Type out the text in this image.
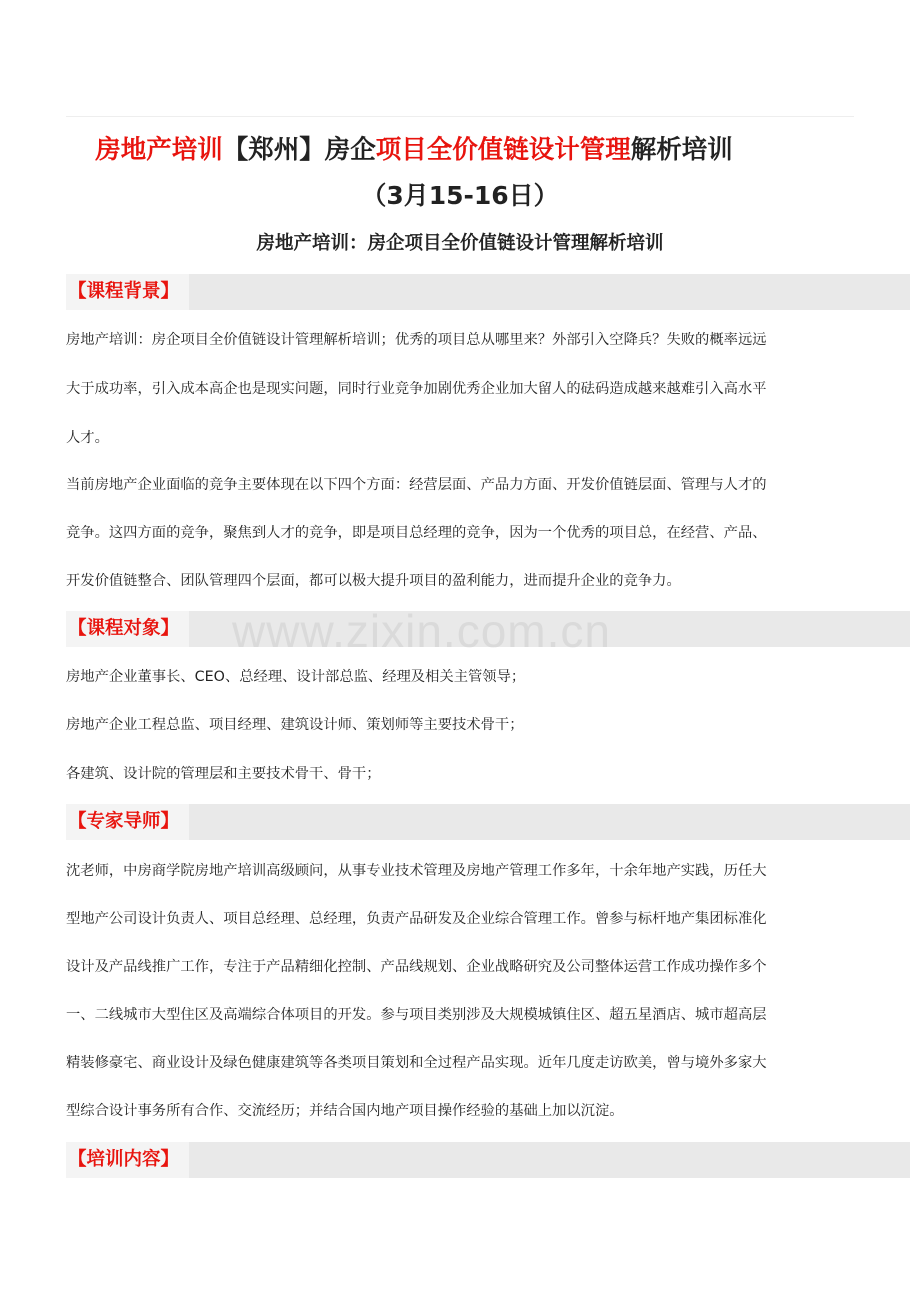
房地产培训【郑州】房企项目全价值链设计管理解析培训
（3月15-16日）
房地产培训：房企项目全价值链设计管理解析培训
【课程背景】

房地产培训：房企项目全价值链设计管理解析培训；优秀的项目总从哪里来？外部引入空降兵？失败的概率远远

大于成功率，引入成本高企也是现实问题，同时行业竞争加剧优秀企业加大留人的砝码造成越来越难引入高水平

人才。

当前房地产企业面临的竞争主要体现在以下四个方面：经营层面、产品力方面、开发价值链层面、管理与人才的

竞争。这四方面的竞争，聚焦到人才的竞争，即是项目总经理的竞争，因为一个优秀的项目总，在经营、产品、

开发价值链整合、团队管理四个层面，都可以极大提升项目的盈利能力，进而提升企业的竞争力。

【课程对象】

房地产企业董事长、CEO、总经理、设计部总监、经理及相关主管领导；

房地产企业工程总监、项目经理、建筑设计师、策划师等主要技术骨干；

各建筑、设计院的管理层和主要技术骨干、骨干；

【专家导师】

沈老师，中房商学院房地产培训高级顾问，从事专业技术管理及房地产管理工作多年，十余年地产实践，历任大

型地产公司设计负责人、项目总经理、总经理，负责产品研发及企业综合管理工作。曾参与标杆地产集团标准化

设计及产品线推广工作，专注于产品精细化控制、产品线规划、企业战略研究及公司整体运营工作成功操作多个

一、二线城市大型住区及高端综合体项目的开发。参与项目类别涉及大规模城镇住区、超五星酒店、城市超高层

精装修豪宅、商业设计及绿色健康建筑等各类项目策划和全过程产品实现。近年几度走访欧美，曾与境外多家大

型综合设计事务所有合作、交流经历；并结合国内地产项目操作经验的基础上加以沉淀。

【培训内容】
www.zixin.com.cn
